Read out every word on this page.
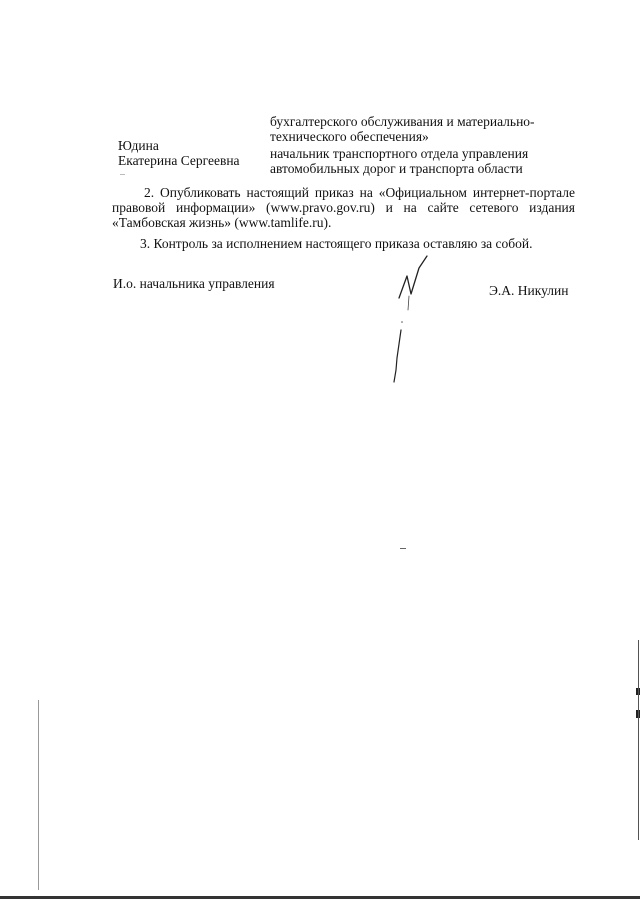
бухгалтерского обслуживания и материально-
технического обеспечения»
Юдина
Екатерина Сергеевна начальник транспортного отдела управления
автомобильных дорог и транспорта области
2. Опубликовать настоящий приказ на «Официальном интернет-портале
правовой информации» (www.pravo.gov.ru) и на сайте сетевого издания
«Тамбовская жизнь» (www.tamlife.ru).
3. Контроль за исполнением настоящего приказа оставляю за собой.
И.о. начальника управления	Э.А. Никулин
